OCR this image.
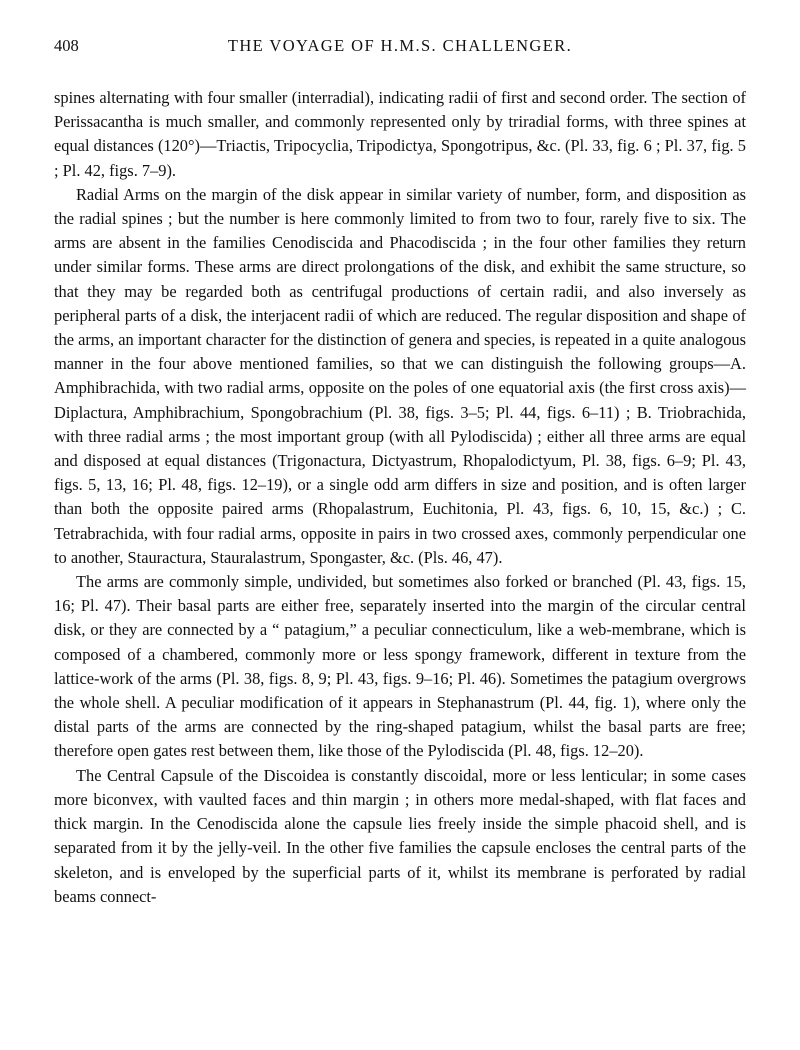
408	THE VOYAGE OF H.M.S. CHALLENGER.

spines alternating with four smaller (interradial), indicating radii of first and second order. The section of Perissacantha is much smaller, and commonly represented only by triradial forms, with three spines at equal distances (120°)—Triactis, Tripocyclia, Tripodictya, Spongotripus, &c. (Pl. 33, fig. 6 ; Pl. 37, fig. 5 ; Pl. 42, figs. 7–9).

Radial Arms on the margin of the disk appear in similar variety of number, form, and disposition as the radial spines ; but the number is here commonly limited to from two to four, rarely five to six. The arms are absent in the families Cenodiscida and Phacodiscida ; in the four other families they return under similar forms. These arms are direct prolongations of the disk, and exhibit the same structure, so that they may be regarded both as centrifugal productions of certain radii, and also inversely as peripheral parts of a disk, the interjacent radii of which are reduced. The regular disposition and shape of the arms, an important character for the distinction of genera and species, is repeated in a quite analogous manner in the four above mentioned families, so that we can distinguish the following groups—A. Amphibrachida, with two radial arms, opposite on the poles of one equatorial axis (the first cross axis)—Diplactura, Amphibrachium, Spongobrachium (Pl. 38, figs. 3–5; Pl. 44, figs. 6–11) ; B. Triobrachida, with three radial arms ; the most important group (with all Pylodiscida) ; either all three arms are equal and disposed at equal distances (Trigonactura, Dictyastrum, Rhopalodictyum, Pl. 38, figs. 6–9; Pl. 43, figs. 5, 13, 16; Pl. 48, figs. 12–19), or a single odd arm differs in size and position, and is often larger than both the opposite paired arms (Rhopalastrum, Euchitonia, Pl. 43, figs. 6, 10, 15, &c.) ; C. Tetrabrachida, with four radial arms, opposite in pairs in two crossed axes, commonly perpendicular one to another, Stauractura, Stauralastrum, Spongaster, &c. (Pls. 46, 47).

The arms are commonly simple, undivided, but sometimes also forked or branched (Pl. 43, figs. 15, 16; Pl. 47). Their basal parts are either free, separately inserted into the margin of the circular central disk, or they are connected by a “ patagium,” a peculiar connecticulum, like a web-membrane, which is composed of a chambered, commonly more or less spongy framework, different in texture from the lattice-work of the arms (Pl. 38, figs. 8, 9; Pl. 43, figs. 9–16; Pl. 46). Sometimes the patagium overgrows the whole shell. A peculiar modification of it appears in Stephanastrum (Pl. 44, fig. 1), where only the distal parts of the arms are connected by the ring-shaped patagium, whilst the basal parts are free; therefore open gates rest between them, like those of the Pylodiscida (Pl. 48, figs. 12–20).

The Central Capsule of the Discoidea is constantly discoidal, more or less lenticular; in some cases more biconvex, with vaulted faces and thin margin ; in others more medal-shaped, with flat faces and thick margin. In the Cenodiscida alone the capsule lies freely inside the simple phacoid shell, and is separated from it by the jelly-veil. In the other five families the capsule encloses the central parts of the skeleton, and is enveloped by the superficial parts of it, whilst its membrane is perforated by radial beams connect-
